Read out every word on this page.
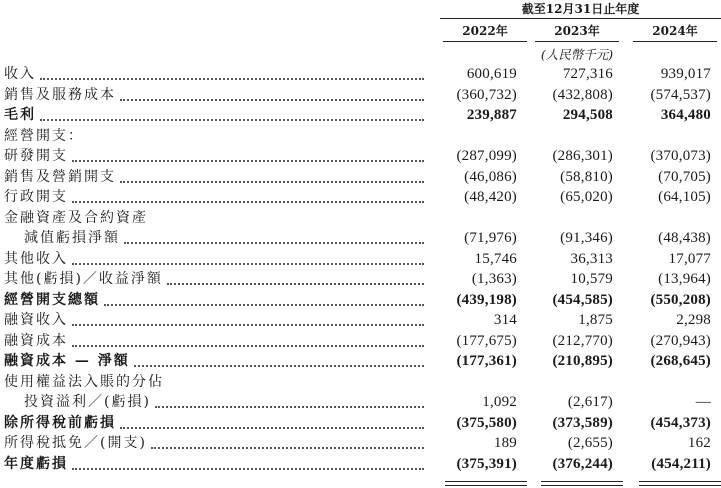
截至12月31日止年度
2022年	2023年	2024年
(人民幣千元)
收入	600,619	727,316	939,017
銷售及服務成本	(360,732)	(432,808)	(574,537)
毛利	239,887	294,508	364,480
經營開支：
研發開支	(287,099)	(286,301)	(370,073)
銷售及營銷開支	(46,086)	(58,810)	(70,705)
行政開支	(48,420)	(65,020)	(64,105)
金融資產及合約資產
減值虧損淨額	(71,976)	(91,346)	(48,438)
其他收入	15,746	36,313	17,077
其他(虧損)／收益淨額	(1,363)	10,579	(13,964)
經營開支總額	(439,198)	(454,585)	(550,208)
融資收入	314	1,875	2,298
融資成本	(177,675)	(212,770)	(270,943)
融資成本 — 淨額	(177,361)	(210,895)	(268,645)
使用權益法入賬的分佔
投資溢利／(虧損)	1,092	(2,617)	—
除所得稅前虧損	(375,580)	(373,589)	(454,373)
所得稅抵免／(開支)	189	(2,655)	162
年度虧損	(375,391)	(376,244)	(454,211)
